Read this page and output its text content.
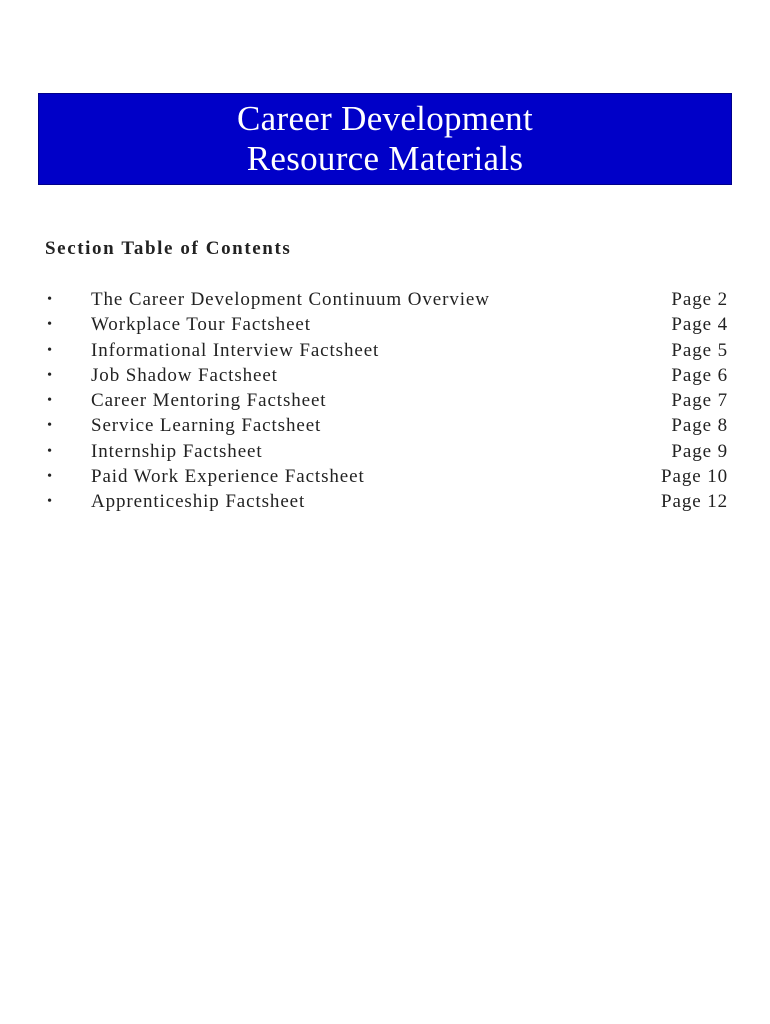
Career Development
Resource Materials
Section Table of Contents
•	The Career Development Continuum Overview	Page 2
•	Workplace Tour Factsheet	Page 4
•	Informational Interview Factsheet	Page 5
•	Job Shadow Factsheet	Page 6
•	Career Mentoring Factsheet	Page 7
•	Service Learning Factsheet	Page 8
•	Internship Factsheet	Page 9
•	Paid Work Experience Factsheet	Page 10
•	Apprenticeship Factsheet	Page 12
